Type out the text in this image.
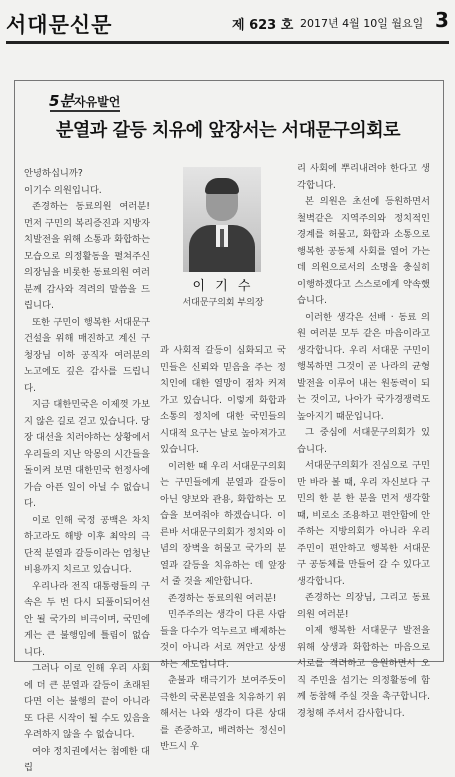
서대문신문	제 623 호 2017년 4월 10일 월요일 3
5분자유발언
분열과 갈등 치유에 앞장서는 서대문구의회로

안녕하십니까?

이기수 의원입니다.

존경하는 동료의원 여러분! 먼저 구민의 복리증진과 지방자치발전을 위해 소통과 화합하는 모습으로 의정활동을 펼쳐주신 의장님을 비롯한 동료의원 여러분께 감사와 격려의 말씀을 드립니다.

또한 구민이 행복한 서대문구 건설을 위해 매진하고 계신 구청장님 이하 공직자 여러분의 노고에도 깊은 감사를 드립니다.

지금 대한민국은 이제껏 가보지 않은 길로 걷고 있습니다. 당장 대선을 치러야하는 상황에서 우리들의 지난 악몽의 시간들을 돌이켜 보면 대한민국 헌정사에 가슴 아픈 일이 아닐 수 없습니다.

이로 인해 국정 공백은 차치하고라도 해방 이후 최악의 극단적 분열과 갈등이라는 엄청난 비용까지 치르고 있습니다.

우리나라 전직 대통령들의 구속은 두 번 다시 되풀이되어선 안 될 국가의 비극이며, 국민에게는 큰 불행임에 틀림이 없습니다.

그러나 이로 인해 우리 사회에 더 큰 분열과 갈등이 초래된다면 이는 불행의 끝이 아니라 또 다른 시작이 될 수도 있음을 우려하지 않을 수 없습니다.

여야 정치권에서는 첨예한 대립

이 기 수
서대문구의회 부의장

과 사회적 갈등이 심화되고 국민들은 신뢰와 믿음을 주는 정치인에 대한 열망이 점차 커져가고 있습니다. 이렇게 화합과 소통의 정치에 대한 국민들의 시대적 요구는 날로 높아져가고 있습니다.

이러한 때 우리 서대문구의회는 구민들에게 분열과 갈등이 아닌 양보와 관용, 화합하는 모습을 보여줘야 하겠습니다. 이른바 서대문구의회가 정치와 이념의 장벽을 허물고 국가의 분열과 갈등을 치유하는 데 앞장 서 줄 것을 제안합니다.

존경하는 동료의원 여러분!

민주주의는 생각이 다른 사람들을 다수가 억누르고 배제하는 것이 아니라 서로 껴안고 상생하는 제도입니다.

춘불과 태극기가 보여주듯이 극한의 국론분열을 치유하기 위해서는 나와 생각이 다른 상대를 존중하고, 배려하는 정신이 반드시 우

리 사회에 뿌리내려야 한다고 생각합니다.

본 의원은 초선에 등원하면서 철벽같은 지역주의와 정치적인 경계를 허물고, 화합과 소통으로 행복한 공동체 사회를 열어 가는데 의원으로서의 소명을 충실히 이행하겠다고 스스로에게 약속했습니다.

이러한 생각은 선배 · 동료 의원 여러분 모두 같은 마음이라고 생각합니다. 우리 서대문 구민이 행복하면 그것이 곧 나라의 균형발전을 이루어 내는 원동력이 되는 것이고, 나아가 국가경쟁력도 높아지기 때문입니다.

그 중심에 서대문구의회가 있습니다.

서대문구의회가 진심으로 구민만 바라 볼 때, 우리 자신보다 구민의 한 분 한 분을 먼저 생각할 때, 비로소 조용하고 편안함에 안주하는 지방의회가 아니라 우리 주민이 편안하고 행복한 서대문구 공동체를 만들어 갈 수 있다고 생각합니다.

존경하는 의장님, 그리고 동료의원 여러분!

이제 행복한 서대문구 발전을 위해 상생과 화합하는 마음으로 서로를 격려하고 응원하면서 오직 주민을 섬기는 의정활동에 함께 동참해 주실 것을 촉구합니다. 경청해 주셔서 감사합니다.
